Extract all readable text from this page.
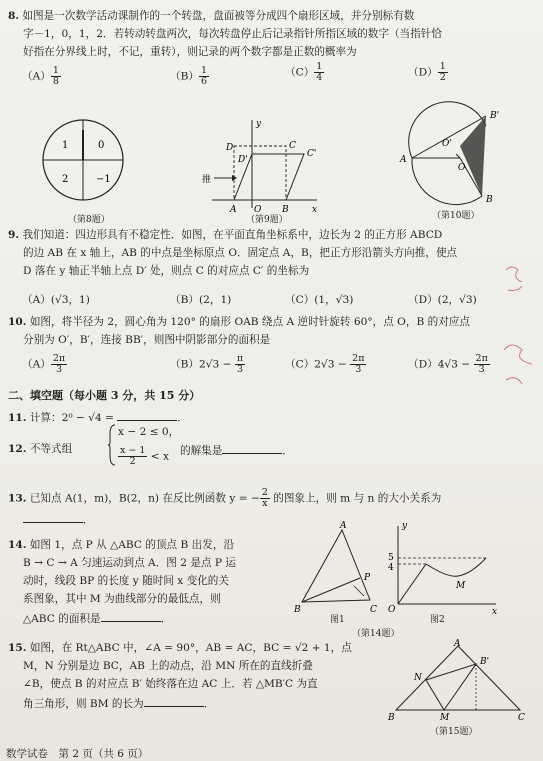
8. 如图是一次数学活动课制作的一个转盘，盘面被等分成四个扇形区域，并分别标有数
字－1，0，1，2．若转动转盘两次，每次转盘停止后记录指针所指区域的数字（当指针恰
好指在分界线上时，不记，重转），则记录的两个数字都是正数的概率为
$(A) \frac{1}{8}$	$(B) \frac{1}{6}$	$(C) \frac{1}{4}$	$(D) \frac{1}{2}$
1	0
2	−1
（第8题）
y
D
D'
C
C'
推
A O B	x
（第9题）
B'
O'
A
O
B
（第10题）
9. 我们知道：四边形具有不稳定性．如图，在平面直角坐标系中，边长为 2 的正方形 ABCD
的边 AB 在 x 轴上，AB 的中点是坐标原点 O．固定点 A，B，把正方形沿箭头方向推，使点
D 落在 y 轴正半轴上点 D′ 处，则点 C 的对应点 C′ 的坐标为
（A）(√3，1)	（B）(2，1)	（C）(1，√3)	（D）(2，√3)
10. 如图，将半径为 2，圆心角为 120° 的扇形 OAB 绕点 A 逆时针旋转 60°，点 O，B 的对应点
分别为 O′，B′，连接 BB′，则图中阴影部分的面积是
$(A) \frac{2\pi}{3}$	$(B)2√3 - \frac{\pi}{3}$	$(C)2√3 - \frac{2\pi}{3}$	$(D)4√3 - \frac{2\pi}{3}$
二、填空题（每小题 3 分，共 15 分）
11. 计算：2⁰ − √4 =	．
12. 不等式组
x − 2 ≤ 0，
$\frac{x - 1}{2} < x$ 的解集是	．
13. 已知点 A(1，m)，B(2，n) 在反比例函数 y = − $\frac{2}{x}$ 的图象上，则 m 与 n 的大小关系为
．
14. 如图 1，点 P 从 △ABC 的顶点 B 出发，沿
B → C → A 匀速运动到点 A．图 2 是点 P 运
动时，线段 BP 的长度 y 随时间 x 变化的关
系图象，其中 M 为曲线部分的最低点，则
△ABC 的面积是	．
A
P
B	C
图1
y
5
4
M
O	x
图2
（第14题）
15. 如图，在 Rt△ABC 中，∠A = 90°，AB = AC，BC = √2 + 1，点
M，N 分别是边 BC，AB 上的动点，沿 MN 所在的直线折叠
∠B，使点 B 的对应点 B′ 始终落在边 AC 上．若 △MB′C 为直
角三角形，则 BM 的长为	．
A
N
B'
B	M	C
（第15题）
数学试卷　第 2 页（共 6 页）
